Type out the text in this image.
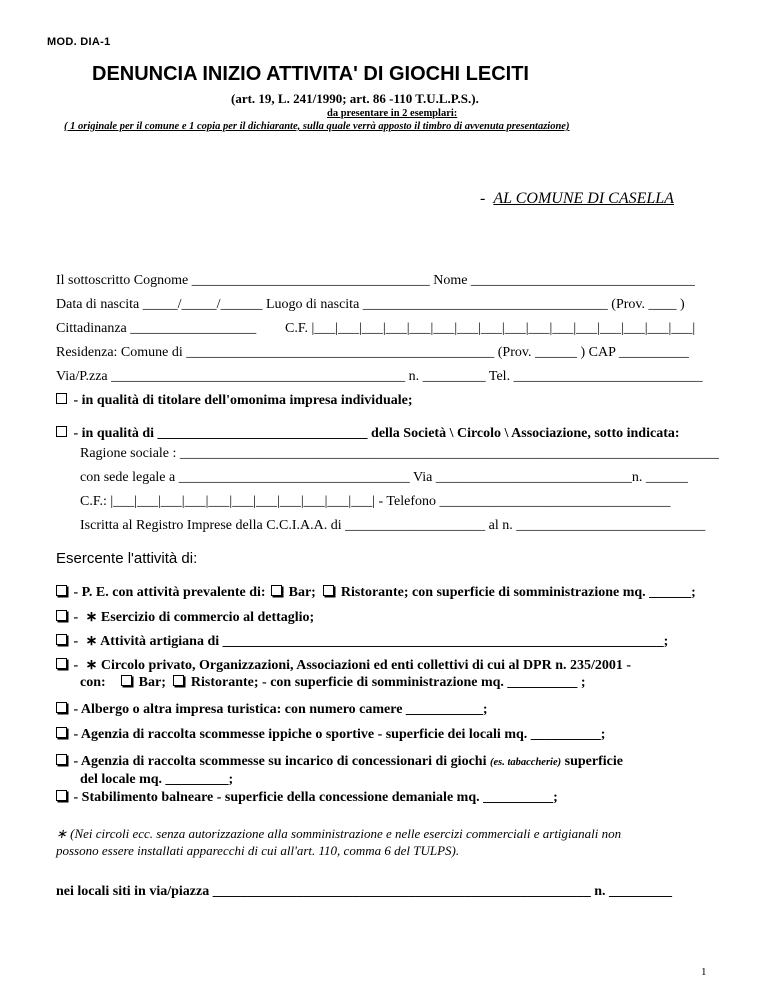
MOD. DIA-1
DENUNCIA INIZIO ATTIVITA' DI GIOCHI LECITI
(art. 19, L. 241/1990; art. 86 -110 T.U.L.P.S.).
da presentare in 2 esemplari:
( 1 originale per il comune e 1 copia per il dichiarante, sulla quale verrà apposto il timbro di avvenuta presentazione)
- AL COMUNE DI CASELLA
Il sottoscritto Cognome __________________________________ Nome ________________________________
Data di nascita _____/_____/______ Luogo di nascita ___________________________________ (Prov. ____ )
Cittadinanza __________________ C.F. |___|___|___|___|___|___|___|___|___|___|___|___|___|___|___|___|
Residenza: Comune di ____________________________________________ (Prov. ______ ) CAP __________
Via/P.zza __________________________________________ n. _________ Tel. ___________________________
- in qualità di titolare dell'omonima impresa individuale;
- in qualità di ______________________________ della Società \ Circolo \ Associazione, sotto indicata:
Ragione sociale : _____________________________________________________________________________
con sede legale a _________________________________ Via ____________________________n. ______
C.F.: |___|___|___|___|___|___|___|___|___|___|___| - Telefono _________________________________
Iscritta al Registro Imprese della C.C.I.A.A. di ____________________ al n. ___________________________
Esercente l'attività di:
- P. E. con attività prevalente di: Bar; Ristorante; con superficie di somministrazione mq. ______;
- ∗ Esercizio di commercio al dettaglio;
- ∗ Attività artigiana di _______________________________________________________________;
- ∗ Circolo privato, Organizzazioni, Associazioni ed enti collettivi di cui al DPR n. 235/2001 -
con: Bar; Ristorante; - con superficie di somministrazione mq. __________ ;
- Albergo o altra impresa turistica: con numero camere ___________;
- Agenzia di raccolta scommesse ippiche o sportive - superficie dei locali mq. __________;
- Agenzia di raccolta scommesse su incarico di concessionari di giochi (es. tabaccherie) superficie
del locale mq. _________;
- Stabilimento balneare - superficie della concessione demaniale mq. __________;
∗ (Nei circoli ecc. senza autorizzazione alla somministrazione e nelle esercizi commerciali e artigianali non
possono essere installati apparecchi di cui all'art. 110, comma 6 del TULPS).
nei locali siti in via/piazza ______________________________________________________ n. _________
1
